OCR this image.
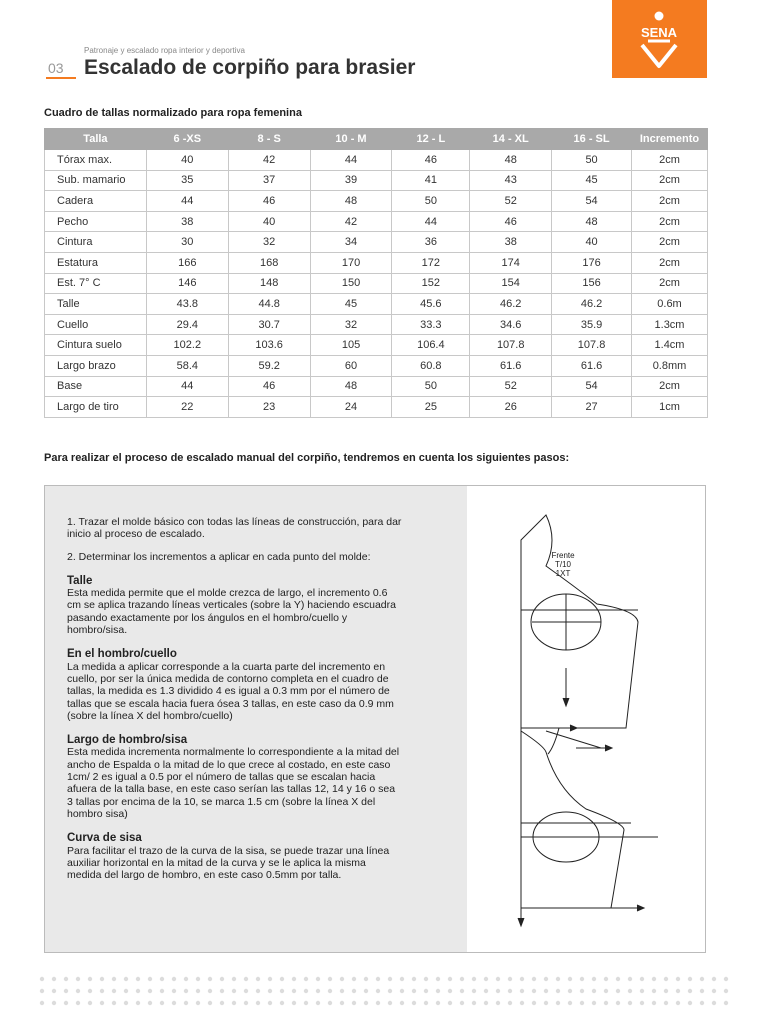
Patronaje y escalado ropa interior y deportiva
03 Escalado de corpiño para brasier
SENA
Cuadro de tallas normalizado para ropa femenina
Talla	6 -XS	8 - S	10 - M	12 - L	14 - XL	16 - SL	Incremento
Tórax max.	40	42	44	46	48	50	2cm
Sub. mamario	35	37	39	41	43	45	2cm
Cadera	44	46	48	50	52	54	2cm
Pecho	38	40	42	44	46	48	2cm
Cintura	30	32	34	36	38	40	2cm
Estatura	166	168	170	172	174	176	2cm
Est. 7° C	146	148	150	152	154	156	2cm
Talle	43.8	44.8	45	45.6	46.2	46.2	0.6m
Cuello	29.4	30.7	32	33.3	34.6	35.9	1.3cm
Cintura suelo	102.2	103.6	105	106.4	107.8	107.8	1.4cm
Largo brazo	58.4	59.2	60	60.8	61.6	61.6	0.8mm
Base	44	46	48	50	52	54	2cm
Largo de tiro	22	23	24	25	26	27	1cm
Para realizar el proceso de escalado manual del corpiño, tendremos en cuenta los siguientes pasos:

1. Trazar el molde básico con todas las líneas de construcción, para dar inicio al proceso de escalado.

2. Determinar los incrementos a aplicar en cada punto del molde:

Talle

Esta medida permite que el molde crezca de largo, el incremento 0.6 cm se aplica trazando líneas verticales (sobre la Y) haciendo escuadra pasando exactamente por los ángulos en el hombro/cuello y hombro/sisa.

En el hombro/cuello

La medida a aplicar corresponde a la cuarta parte del incremento en cuello, por ser la única medida de contorno completa en el cuadro de tallas, la medida es 1.3 dividido 4 es igual a 0.3 mm por el número de tallas que se escala hacia fuera ósea 3 tallas, en este caso da 0.9 mm (sobre la línea X del hombro/cuello)

Largo de hombro/sisa

Esta medida incrementa normalmente lo correspondiente a la mitad del ancho de Espalda o la mitad de lo que crece al costado, en este caso 1cm/ 2 es igual a 0.5 por el número de tallas que se escalan hacia afuera de la talla base, en este caso serían las tallas 12, 14 y 16 o sea 3 tallas por encima de la 10, se marca 1.5 cm (sobre la línea X del hombro sisa)

Curva de sisa

Para facilitar el trazo de la curva de la sisa, se puede trazar una línea auxiliar horizontal en la mitad de la curva y se le aplica la misma medida del largo de hombro, en este caso 0.5mm por talla.

Frente
T/10
1XT
